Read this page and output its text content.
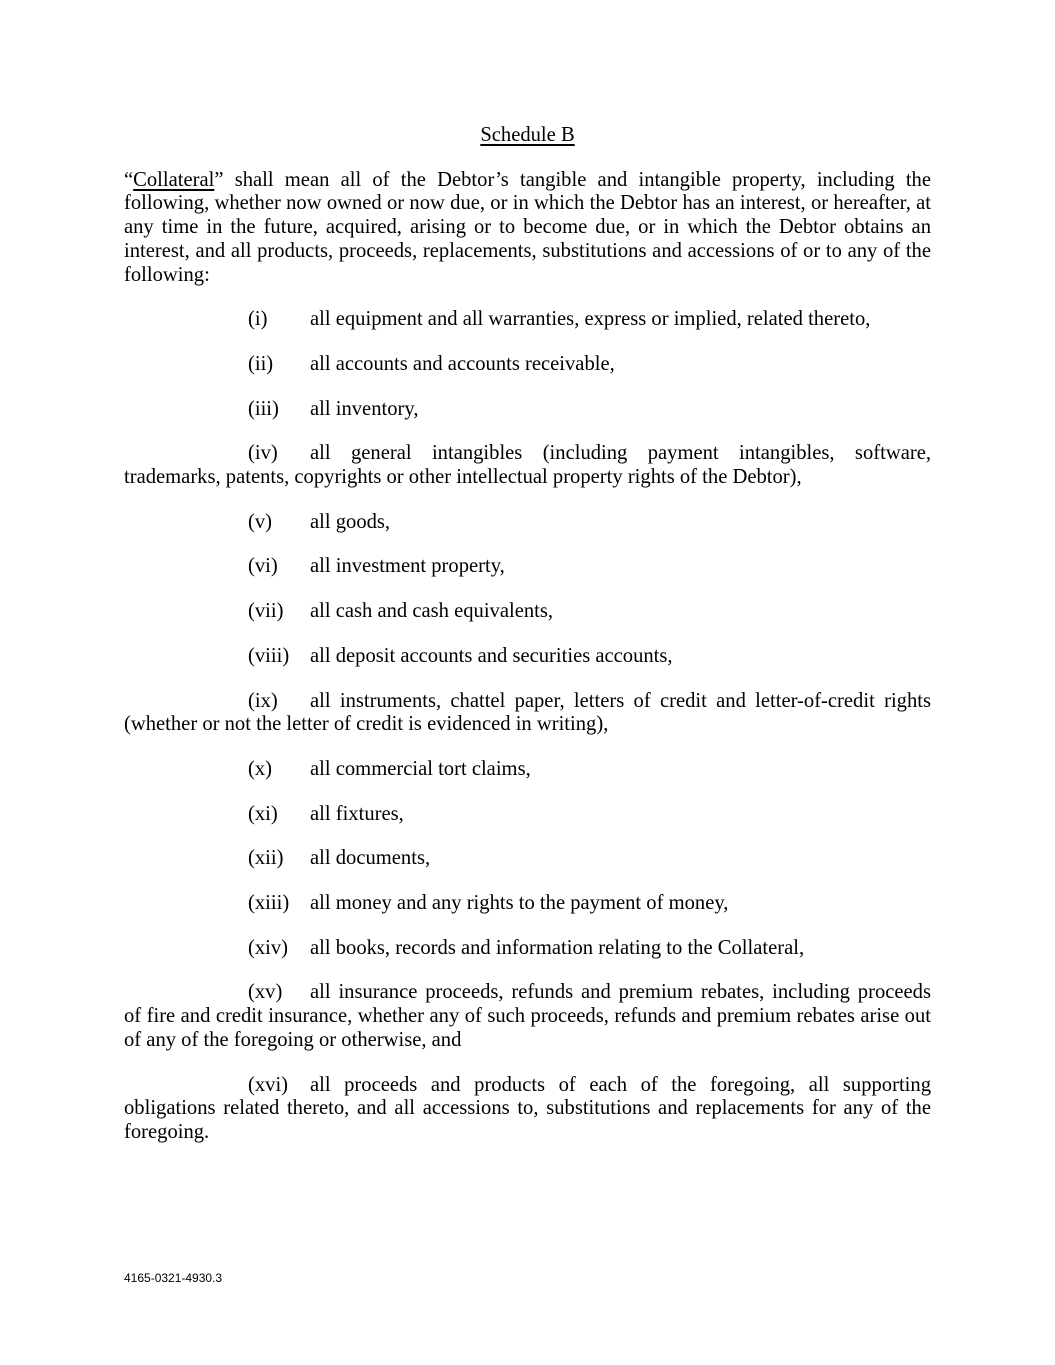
Schedule B

“Collateral” shall mean all of the Debtor’s tangible and intangible property, including the following, whether now owned or now due, or in which the Debtor has an interest, or hereafter, at any time in the future, acquired, arising or to become due, or in which the Debtor obtains an interest, and all products, proceeds, replacements, substitutions and accessions of or to any of the following:

(i) all equipment and all warranties, express or implied, related thereto,

(ii) all accounts and accounts receivable,

(iii) all inventory,

(iv) all general intangibles (including payment intangibles, software, trademarks, patents, copyrights or other intellectual property rights of the Debtor),

(v) all goods,

(vi) all investment property,

(vii) all cash and cash equivalents,

(viii) all deposit accounts and securities accounts,

(ix) all instruments, chattel paper, letters of credit and letter-of-credit rights (whether or not the letter of credit is evidenced in writing),

(x) all commercial tort claims,

(xi) all fixtures,

(xii) all documents,

(xiii) all money and any rights to the payment of money,

(xiv) all books, records and information relating to the Collateral,

(xv) all insurance proceeds, refunds and premium rebates, including proceeds of fire and credit insurance, whether any of such proceeds, refunds and premium rebates arise out of any of the foregoing or otherwise, and

(xvi) all proceeds and products of each of the foregoing, all supporting obligations related thereto, and all accessions to, substitutions and replacements for any of the foregoing.

4165-0321-4930.3
